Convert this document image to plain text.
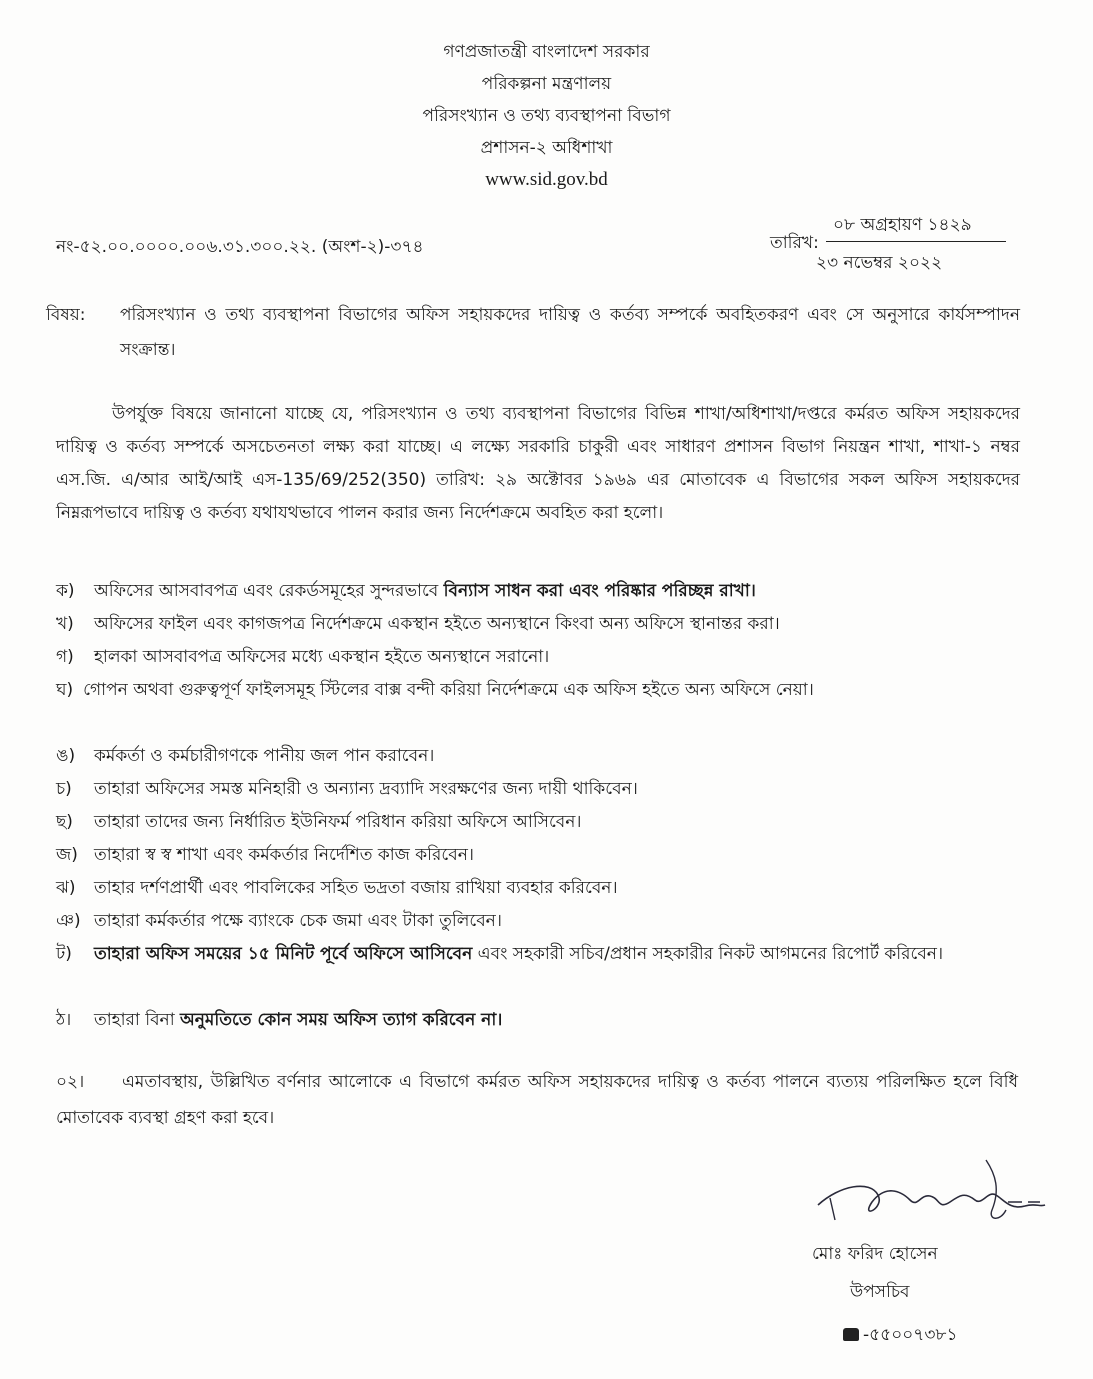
গণপ্রজাতন্ত্রী বাংলাদেশ সরকার
পরিকল্পনা মন্ত্রণালয়
পরিসংখ্যান ও তথ্য ব্যবস্থাপনা বিভাগ
প্রশাসন-২ অধিশাখা
www.sid.gov.bd
নং-৫২.০০.০০০০.০০৬.৩১.৩০০.২২. (অংশ-২)-৩৭৪	তারিখ:
০৮ অগ্রহায়ণ ১৪২৯
২৩ নভেম্বর ২০২২
বিষয়: পরিসংখ্যান ও তথ্য ব্যবস্থাপনা বিভাগের অফিস সহায়কদের দায়িত্ব ও কর্তব্য সম্পর্কে অবহিতকরণ এবং সে অনুসারে কার্যসম্পাদন সংক্রান্ত।
উপর্যুক্ত বিষয়ে জানানো যাচ্ছে যে, পরিসংখ্যান ও তথ্য ব্যবস্থাপনা বিভাগের বিভিন্ন শাখা/অধিশাখা/দপ্তরে কর্মরত অফিস সহায়কদের দায়িত্ব ও কর্তব্য সম্পর্কে অসচেতনতা লক্ষ্য করা যাচ্ছে। এ লক্ষ্যে সরকারি চাকুরী এবং সাধারণ প্রশাসন বিভাগ নিয়ন্ত্রন শাখা, শাখা-১ নম্বর এস.জি. এ/আর আই/আই এস-135/69/252(350) তারিখ: ২৯ অক্টোবর ১৯৬৯ এর মোতাবেক এ বিভাগের সকল অফিস সহায়কদের নিম্নরূপভাবে দায়িত্ব ও কর্তব্য যথাযথভাবে পালন করার জন্য নির্দেশক্রমে অবহিত করা হলো।
ক) অফিসের আসবাবপত্র এবং রেকর্ডসমূহের সুন্দরভাবে বিন্যাস সাধন করা এবং পরিষ্কার পরিচ্ছন্ন রাখা।
খ) অফিসের ফাইল এবং কাগজপত্র নির্দেশক্রমে একস্থান হইতে অন্যস্থানে কিংবা অন্য অফিসে স্থানান্তর করা।
গ) হালকা আসবাবপত্র অফিসের মধ্যে একস্থান হইতে অন্যস্থানে সরানো।
ঘ) গোপন অথবা গুরুত্বপূর্ণ ফাইলসমূহ স্টিলের বাক্স বন্দী করিয়া নির্দেশক্রমে এক অফিস হইতে অন্য অফিসে নেয়া।
ঙ) কর্মকর্তা ও কর্মচারীগণকে পানীয় জল পান করাবেন।
চ) তাহারা অফিসের সমস্ত মনিহারী ও অন্যান্য দ্রব্যাদি সংরক্ষণের জন্য দায়ী থাকিবেন।
ছ) তাহারা তাদের জন্য নির্ধারিত ইউনিফর্ম পরিধান করিয়া অফিসে আসিবেন।
জ) তাহারা স্ব স্ব শাখা এবং কর্মকর্তার নির্দেশিত কাজ করিবেন।
ঝ) তাহার দর্শণপ্রার্থী এবং পাবলিকের সহিত ভদ্রতা বজায় রাখিয়া ব্যবহার করিবেন।
ঞ) তাহারা কর্মকর্তার পক্ষে ব্যাংকে চেক জমা এবং টাকা তুলিবেন।
ট) তাহারা অফিস সময়ের ১৫ মিনিট পূর্বে অফিসে আসিবেন এবং সহকারী সচিব/প্রধান সহকারীর নিকট আগমনের রিপোর্ট করিবেন।
ঠ। তাহারা বিনা অনুমতিতে কোন সময় অফিস ত্যাগ করিবেন না।
০২। এমতাবস্থায়, উল্লিখিত বর্ণনার আলোকে এ বিভাগে কর্মরত অফিস সহায়কদের দায়িত্ব ও কর্তব্য পালনে ব্যত্যয় পরিলক্ষিত হলে বিধি মোতাবেক ব্যবস্থা গ্রহণ করা হবে।
মোঃ ফরিদ হোসেন
উপসচিব
-৫৫০০৭৩৮১
